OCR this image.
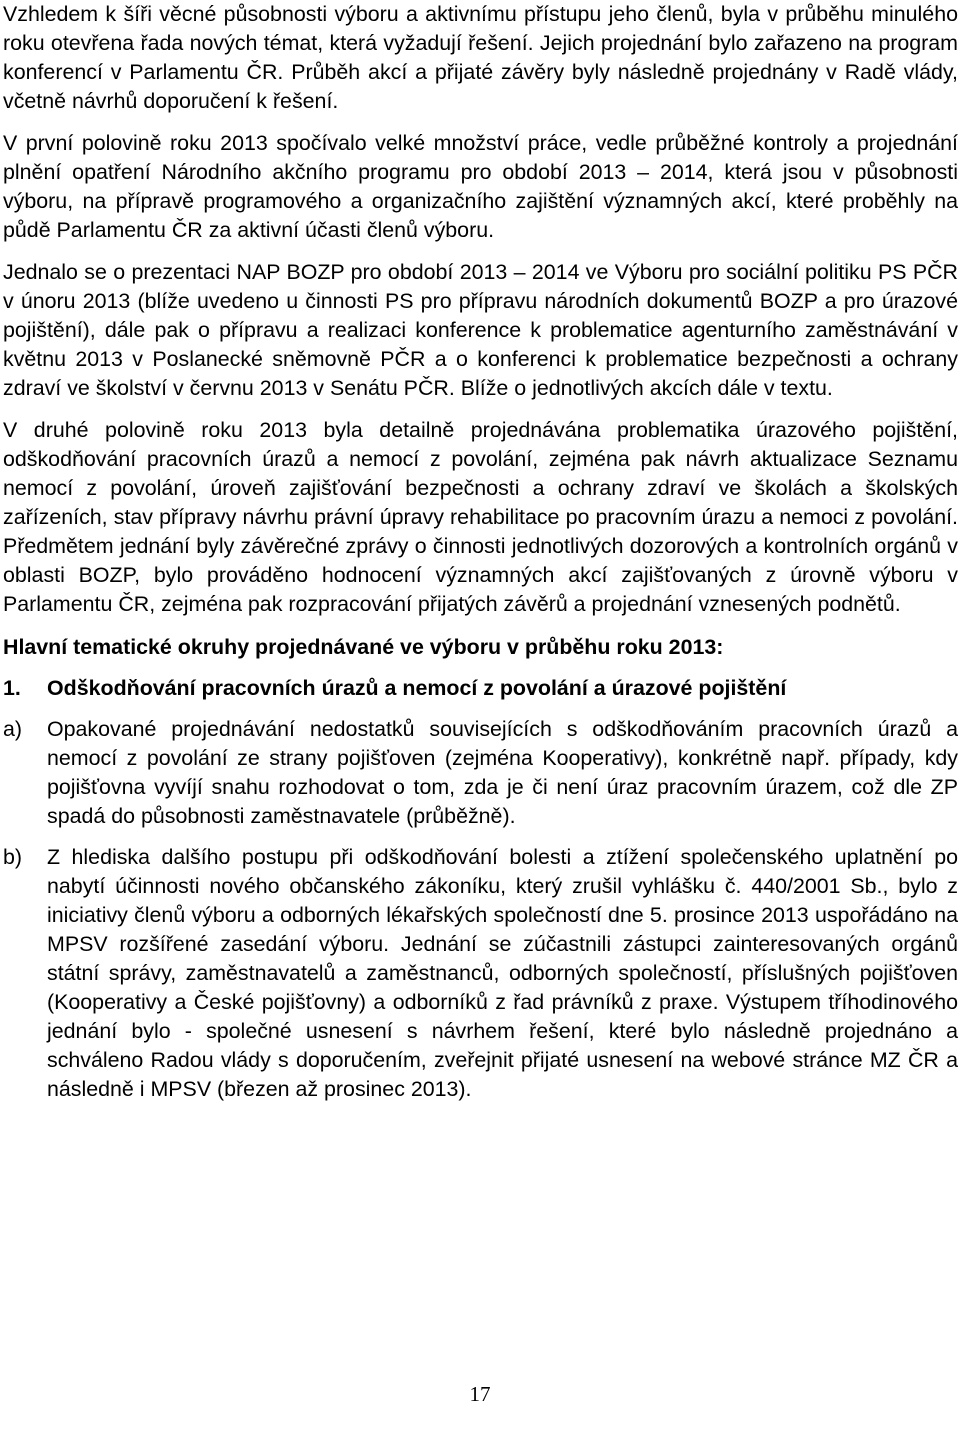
Vzhledem k šíři věcné působnosti výboru a aktivnímu přístupu jeho členů, byla v průběhu minulého roku otevřena řada nových témat, která vyžadují řešení. Jejich projednání bylo zařazeno na program konferencí v Parlamentu ČR. Průběh akcí a přijaté závěry byly následně projednány v Radě vlády, včetně návrhů doporučení k řešení.

V první polovině roku 2013 spočívalo velké množství práce, vedle průběžné kontroly a projednání plnění opatření Národního akčního programu pro období 2013 – 2014, která jsou v působnosti výboru, na přípravě programového a organizačního zajištění významných akcí, které proběhly na půdě Parlamentu ČR za aktivní účasti členů výboru.

Jednalo se o prezentaci NAP BOZP pro období 2013 – 2014 ve Výboru pro sociální politiku PS PČR v únoru 2013 (blíže uvedeno u činnosti PS pro přípravu národních dokumentů BOZP a pro úrazové pojištění), dále pak o přípravu a realizaci konference k problematice agenturního zaměstnávání v květnu 2013 v Poslanecké sněmovně PČR a o konferenci k problematice bezpečnosti a ochrany zdraví ve školství v červnu 2013 v Senátu PČR. Blíže o jednotlivých akcích dále v textu.

V druhé polovině roku 2013 byla detailně projednávána problematika úrazového pojištění, odškodňování pracovních úrazů a nemocí z povolání, zejména pak návrh aktualizace Seznamu nemocí z povolání, úroveň zajišťování bezpečnosti a ochrany zdraví ve školách a školských zařízeních, stav přípravy návrhu právní úpravy rehabilitace po pracovním úrazu a nemoci z povolání. Předmětem jednání byly závěrečné zprávy o činnosti jednotlivých dozorových a kontrolních orgánů v oblasti BOZP, bylo prováděno hodnocení významných akcí zajišťovaných z úrovně výboru v Parlamentu ČR, zejména pak rozpracování přijatých závěrů a projednání vznesených podnětů.

Hlavní tematické okruhy projednávané ve výboru v průběhu roku 2013:
1.	Odškodňování pracovních úrazů a nemocí z povolání a úrazové pojištění
a)	Opakované projednávání nedostatků souvisejících s odškodňováním pracovních úrazů a nemocí z povolání ze strany pojišťoven (zejména Kooperativy), konkrétně např. případy, kdy pojišťovna vyvíjí snahu rozhodovat o tom, zda je či není úraz pracovním úrazem, což dle ZP spadá do působnosti zaměstnavatele (průběžně).
b)	Z hlediska dalšího postupu při odškodňování bolesti a ztížení společenského uplatnění po nabytí účinnosti nového občanského zákoníku, který zrušil vyhlášku č. 440/2001 Sb., bylo z iniciativy členů výboru a odborných lékařských společností dne 5. prosince 2013 uspořádáno na MPSV rozšířené zasedání výboru. Jednání se zúčastnili zástupci zainteresovaných orgánů státní správy, zaměstnavatelů a zaměstnanců, odborných společností, příslušných pojišťoven (Kooperativy a České pojišťovny) a odborníků z řad právníků z praxe. Výstupem tříhodinového jednání bylo - společné usnesení s návrhem řešení, které bylo následně projednáno a schváleno Radou vlády s doporučením, zveřejnit přijaté usnesení na webové stránce MZ ČR a následně i MPSV (březen až prosinec 2013).
17
